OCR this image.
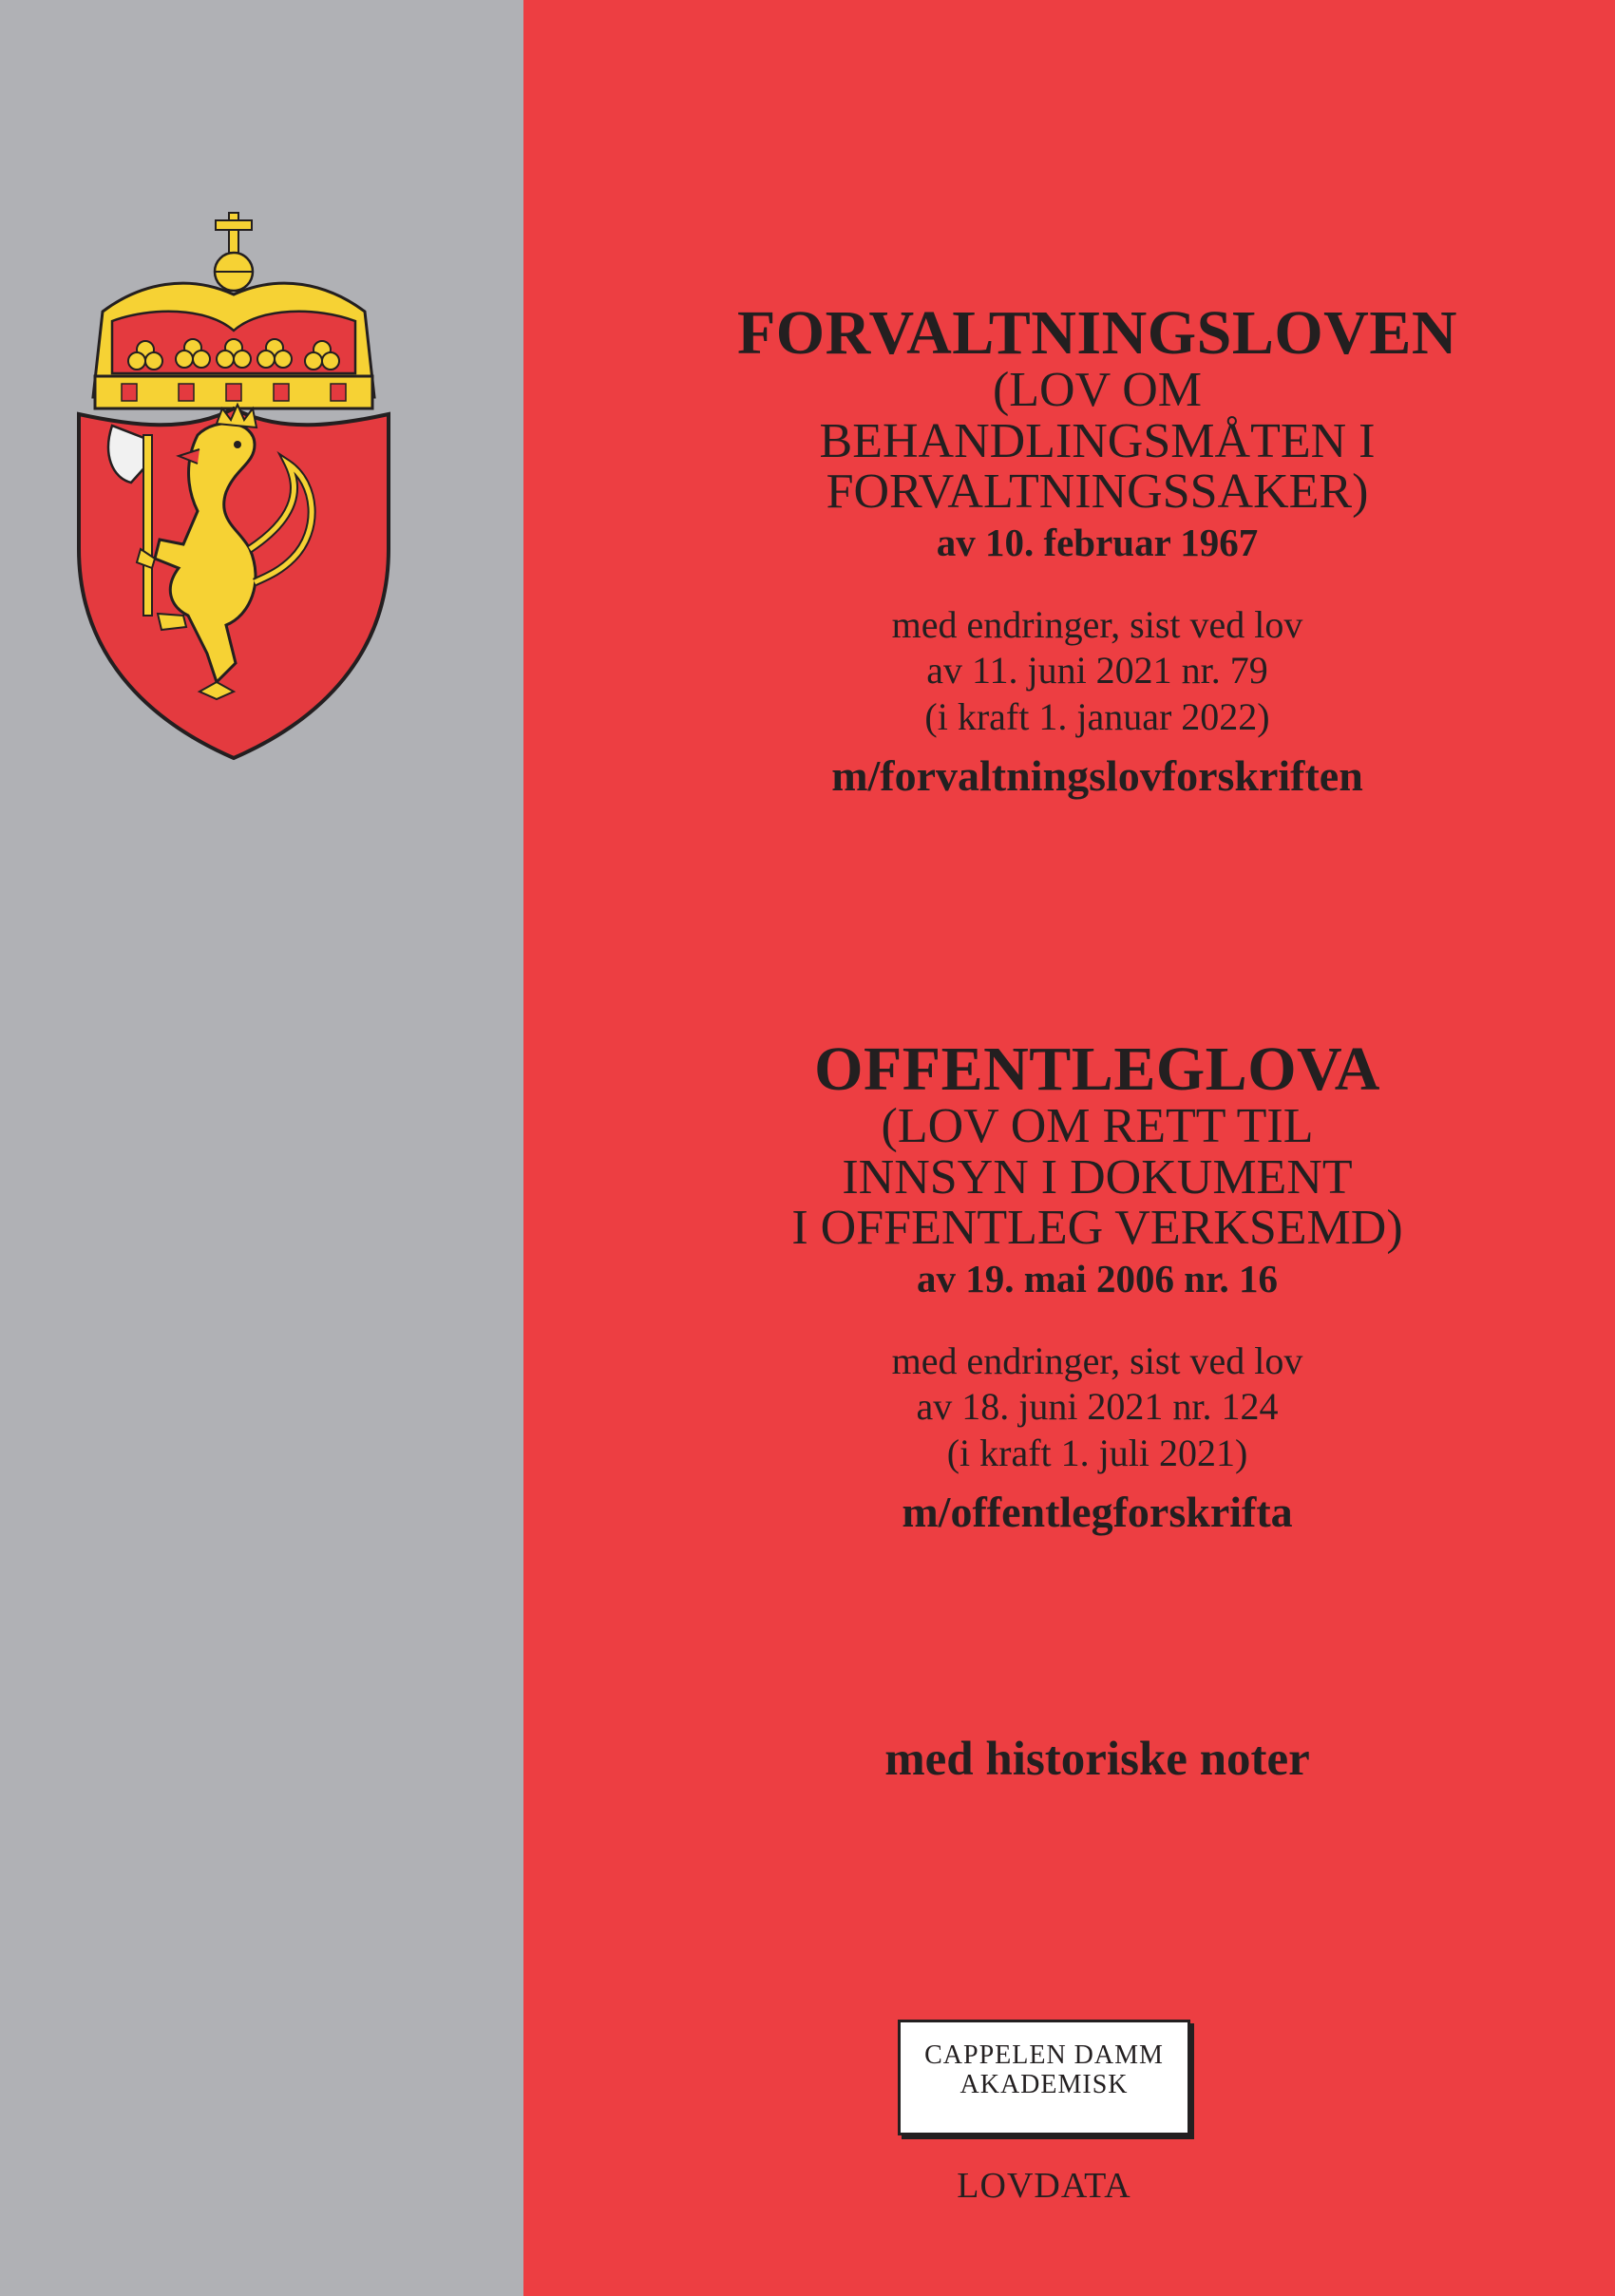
FORVALTNINGSLOVEN
(LOV OM
BEHANDLINGSMÅTEN I
FORVALTNINGSSAKER)
av 10. februar 1967
med endringer, sist ved lov
av 11. juni 2021 nr. 79
(i kraft 1. januar 2022)
m/forvaltningslovforskriften
OFFENTLEGLOVA
(LOV OM RETT TIL
INNSYN I DOKUMENT
I OFFENTLEG VERKSEMD)
av 19. mai 2006 nr. 16
med endringer, sist ved lov
av 18. juni 2021 nr. 124
(i kraft 1. juli 2021)
m/offentlegforskrifta
med historiske noter
CAPPELEN DAMM
AKADEMISK
LOVDATA
